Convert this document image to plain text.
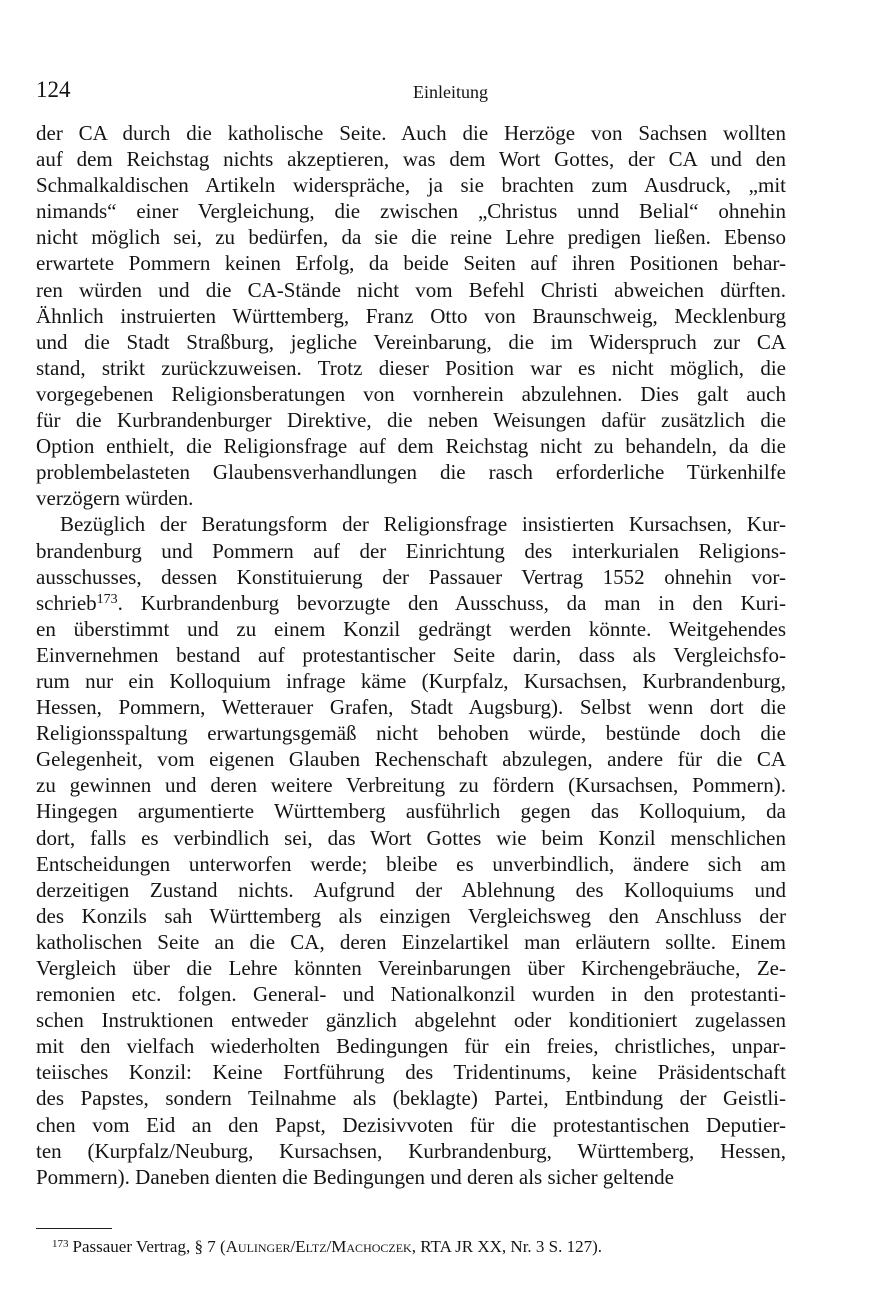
124	Einleitung
der CA durch die katholische Seite. Auch die Herzöge von Sachsen wollten
auf dem Reichstag nichts akzeptieren, was dem Wort Gottes, der CA und den
Schmalkaldischen Artikeln widerspräche, ja sie brachten zum Ausdruck, „mit
nimands“ einer Vergleichung, die zwischen „Christus unnd Belial“ ohnehin
nicht möglich sei, zu bedürfen, da sie die reine Lehre predigen ließen. Ebenso
erwartete Pommern keinen Erfolg, da beide Seiten auf ihren Positionen behar-
ren würden und die CA-Stände nicht vom Befehl Christi abweichen dürften.
Ähnlich instruierten Württemberg, Franz Otto von Braunschweig, Mecklenburg
und die Stadt Straßburg, jegliche Vereinbarung, die im Widerspruch zur CA
stand, strikt zurückzuweisen. Trotz dieser Position war es nicht möglich, die
vorgegebenen Religionsberatungen von vornherein abzulehnen. Dies galt auch
für die Kurbrandenburger Direktive, die neben Weisungen dafür zusätzlich die
Option enthielt, die Religionsfrage auf dem Reichstag nicht zu behandeln, da die
problembelasteten Glaubensverhandlungen die rasch erforderliche Türkenhilfe
verzögern würden.
Bezüglich der Beratungsform der Religionsfrage insistierten Kursachsen, Kur-
brandenburg und Pommern auf der Einrichtung des interkurialen Religions-
ausschusses, dessen Konstituierung der Passauer Vertrag 1552 ohnehin vor-
schrieb$^{173}$. Kurbrandenburg bevorzugte den Ausschuss, da man in den Kuri-
en überstimmt und zu einem Konzil gedrängt werden könnte. Weitgehendes
Einvernehmen bestand auf protestantischer Seite darin, dass als Vergleichsfo-
rum nur ein Kolloquium infrage käme (Kurpfalz, Kursachsen, Kurbrandenburg,
Hessen, Pommern, Wetterauer Grafen, Stadt Augsburg). Selbst wenn dort die
Religionsspaltung erwartungsgemäß nicht behoben würde, bestünde doch die
Gelegenheit, vom eigenen Glauben Rechenschaft abzulegen, andere für die CA
zu gewinnen und deren weitere Verbreitung zu fördern (Kursachsen, Pommern).
Hingegen argumentierte Württemberg ausführlich gegen das Kolloquium, da
dort, falls es verbindlich sei, das Wort Gottes wie beim Konzil menschlichen
Entscheidungen unterworfen werde; bleibe es unverbindlich, ändere sich am
derzeitigen Zustand nichts. Aufgrund der Ablehnung des Kolloquiums und
des Konzils sah Württemberg als einzigen Vergleichsweg den Anschluss der
katholischen Seite an die CA, deren Einzelartikel man erläutern sollte. Einem
Vergleich über die Lehre könnten Vereinbarungen über Kirchengebräuche, Ze-
remonien etc. folgen. General- und Nationalkonzil wurden in den protestanti-
schen Instruktionen entweder gänzlich abgelehnt oder konditioniert zugelassen
mit den vielfach wiederholten Bedingungen für ein freies, christliches, unpar-
teiisches Konzil: Keine Fortführung des Tridentinums, keine Präsidentschaft
des Papstes, sondern Teilnahme als (beklagte) Partei, Entbindung der Geistli-
chen vom Eid an den Papst, Dezisivvoten für die protestantischen Deputier-
ten (Kurpfalz/Neuburg, Kursachsen, Kurbrandenburg, Württemberg, Hessen,
Pommern). Daneben dienten die Bedingungen und deren als sicher geltende
$^{173}$ Passauer Vertrag, § 7 (Aulinger/Eltz/Machoczek, RTA JR XX, Nr. 3 S. 127).
